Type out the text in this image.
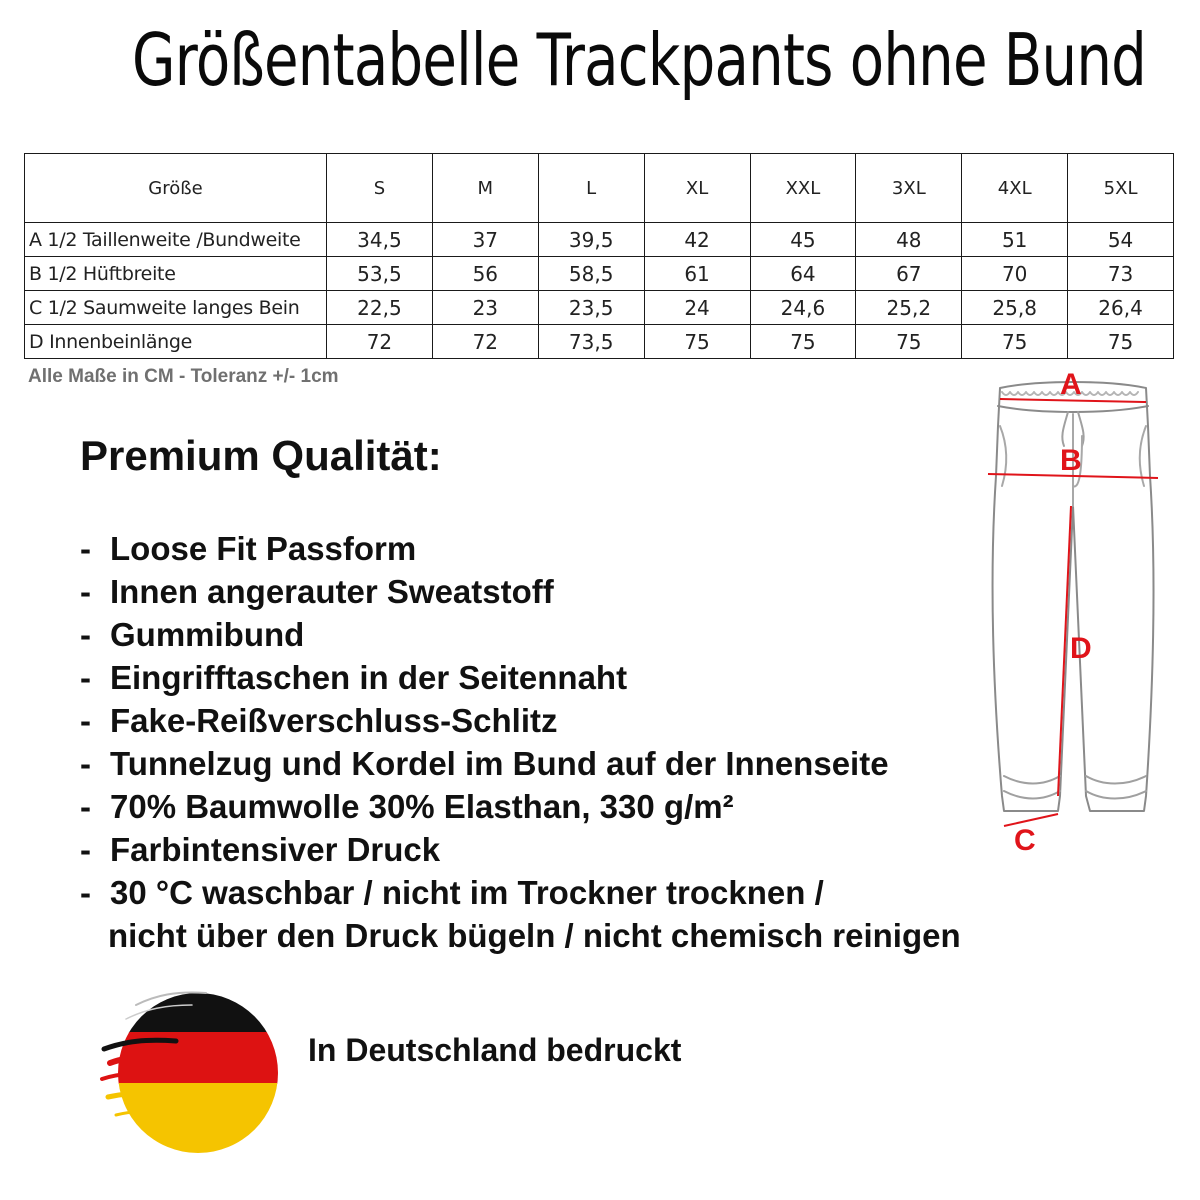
Größentabelle Trackpants ohne Bund
Größe	S	M	L	XL	XXL	3XL	4XL	5XL
A 1/2 Taillenweite /Bundweite	34,5	37	39,5	42	45	48	51	54
B 1/2 Hüftbreite	53,5	56	58,5	61	64	67	70	73
C 1/2 Saumweite langes Bein	22,5	23	23,5	24	24,6	25,2	25,8	26,4
D Innenbeinlänge	72	72	73,5	75	75	75	75	75

Alle Maße in CM - Toleranz +/- 1cm

Premium Qualität:
- Loose Fit Passform
- Innen angerauter Sweatstoff
- Gummibund
- Eingrifftaschen in der Seitennaht
- Fake-Reißverschluss-Schlitz
- Tunnelzug und Kordel im Bund auf der Innenseite
- 70% Baumwolle 30% Elasthan, 330 g/m²
- Farbintensiver Druck
- 30 °C waschbar / nicht im Trockner trocknen /
nicht über den Druck bügeln / nicht chemisch reinigen
A
B
D
C

In Deutschland bedruckt
